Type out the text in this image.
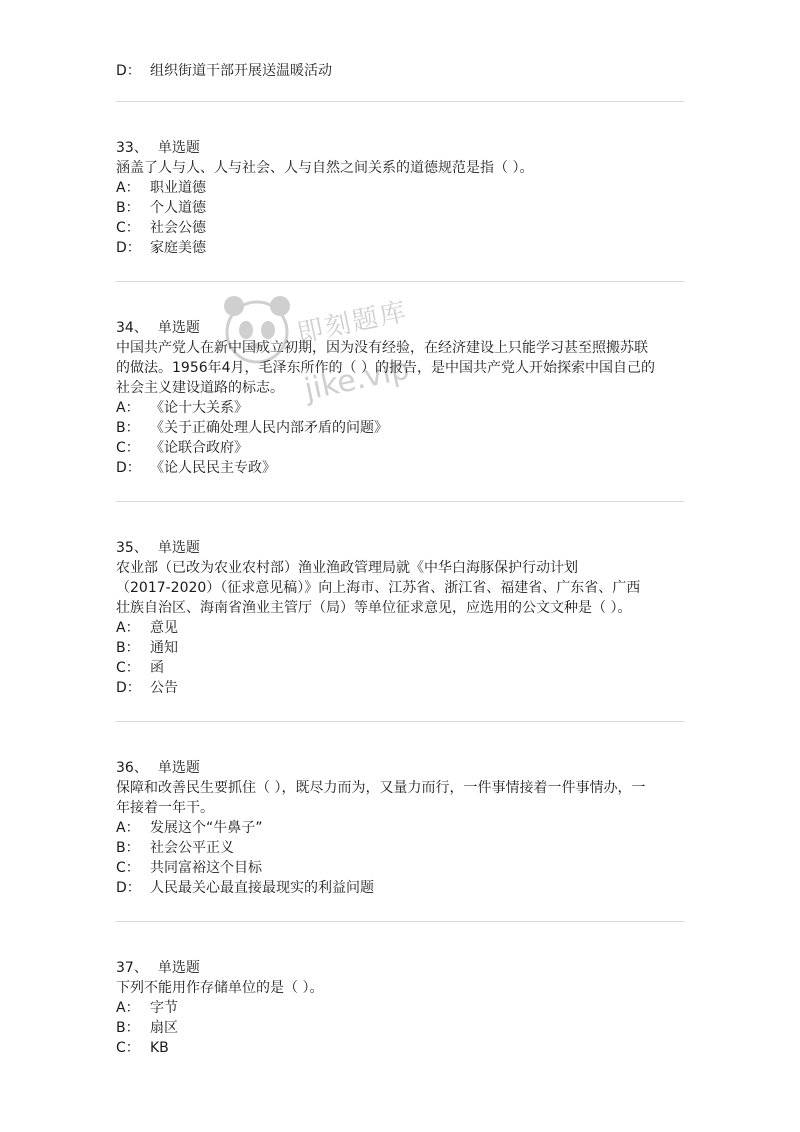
D： 组织街道干部开展送温暖活动
33、 单选题
涵盖了人与人、人与社会、人与自然之间关系的道德规范是指（ ）。
A： 职业道德
B： 个人道德
C： 社会公德
D： 家庭美德
34、 单选题
中国共产党人在新中国成立初期，因为没有经验，在经济建设上只能学习甚至照搬苏联
的做法。1956年4月，毛泽东所作的（ ）的报告，是中国共产党人开始探索中国自己的
社会主义建设道路的标志。
A： 《论十大关系》
B： 《关于正确处理人民内部矛盾的问题》
C： 《论联合政府》
D： 《论人民民主专政》
35、 单选题
农业部（已改为农业农村部）渔业渔政管理局就《中华白海豚保护行动计划
（2017-2020）（征求意见稿）》向上海市、江苏省、浙江省、福建省、广东省、广西
壮族自治区、海南省渔业主管厅（局）等单位征求意见，应选用的公文文种是（ ）。
A： 意见
B： 通知
C： 函
D： 公告
36、 单选题
保障和改善民生要抓住（ ），既尽力而为，又量力而行，一件事情接着一件事情办，一
年接着一年干。
A： 发展这个“牛鼻子”
B： 社会公平正义
C： 共同富裕这个目标
D： 人民最关心最直接最现实的利益问题
37、 单选题
下列不能用作存储单位的是（ ）。
A： 字节
B： 扇区
C： KB
即刻题库
jike.vip
